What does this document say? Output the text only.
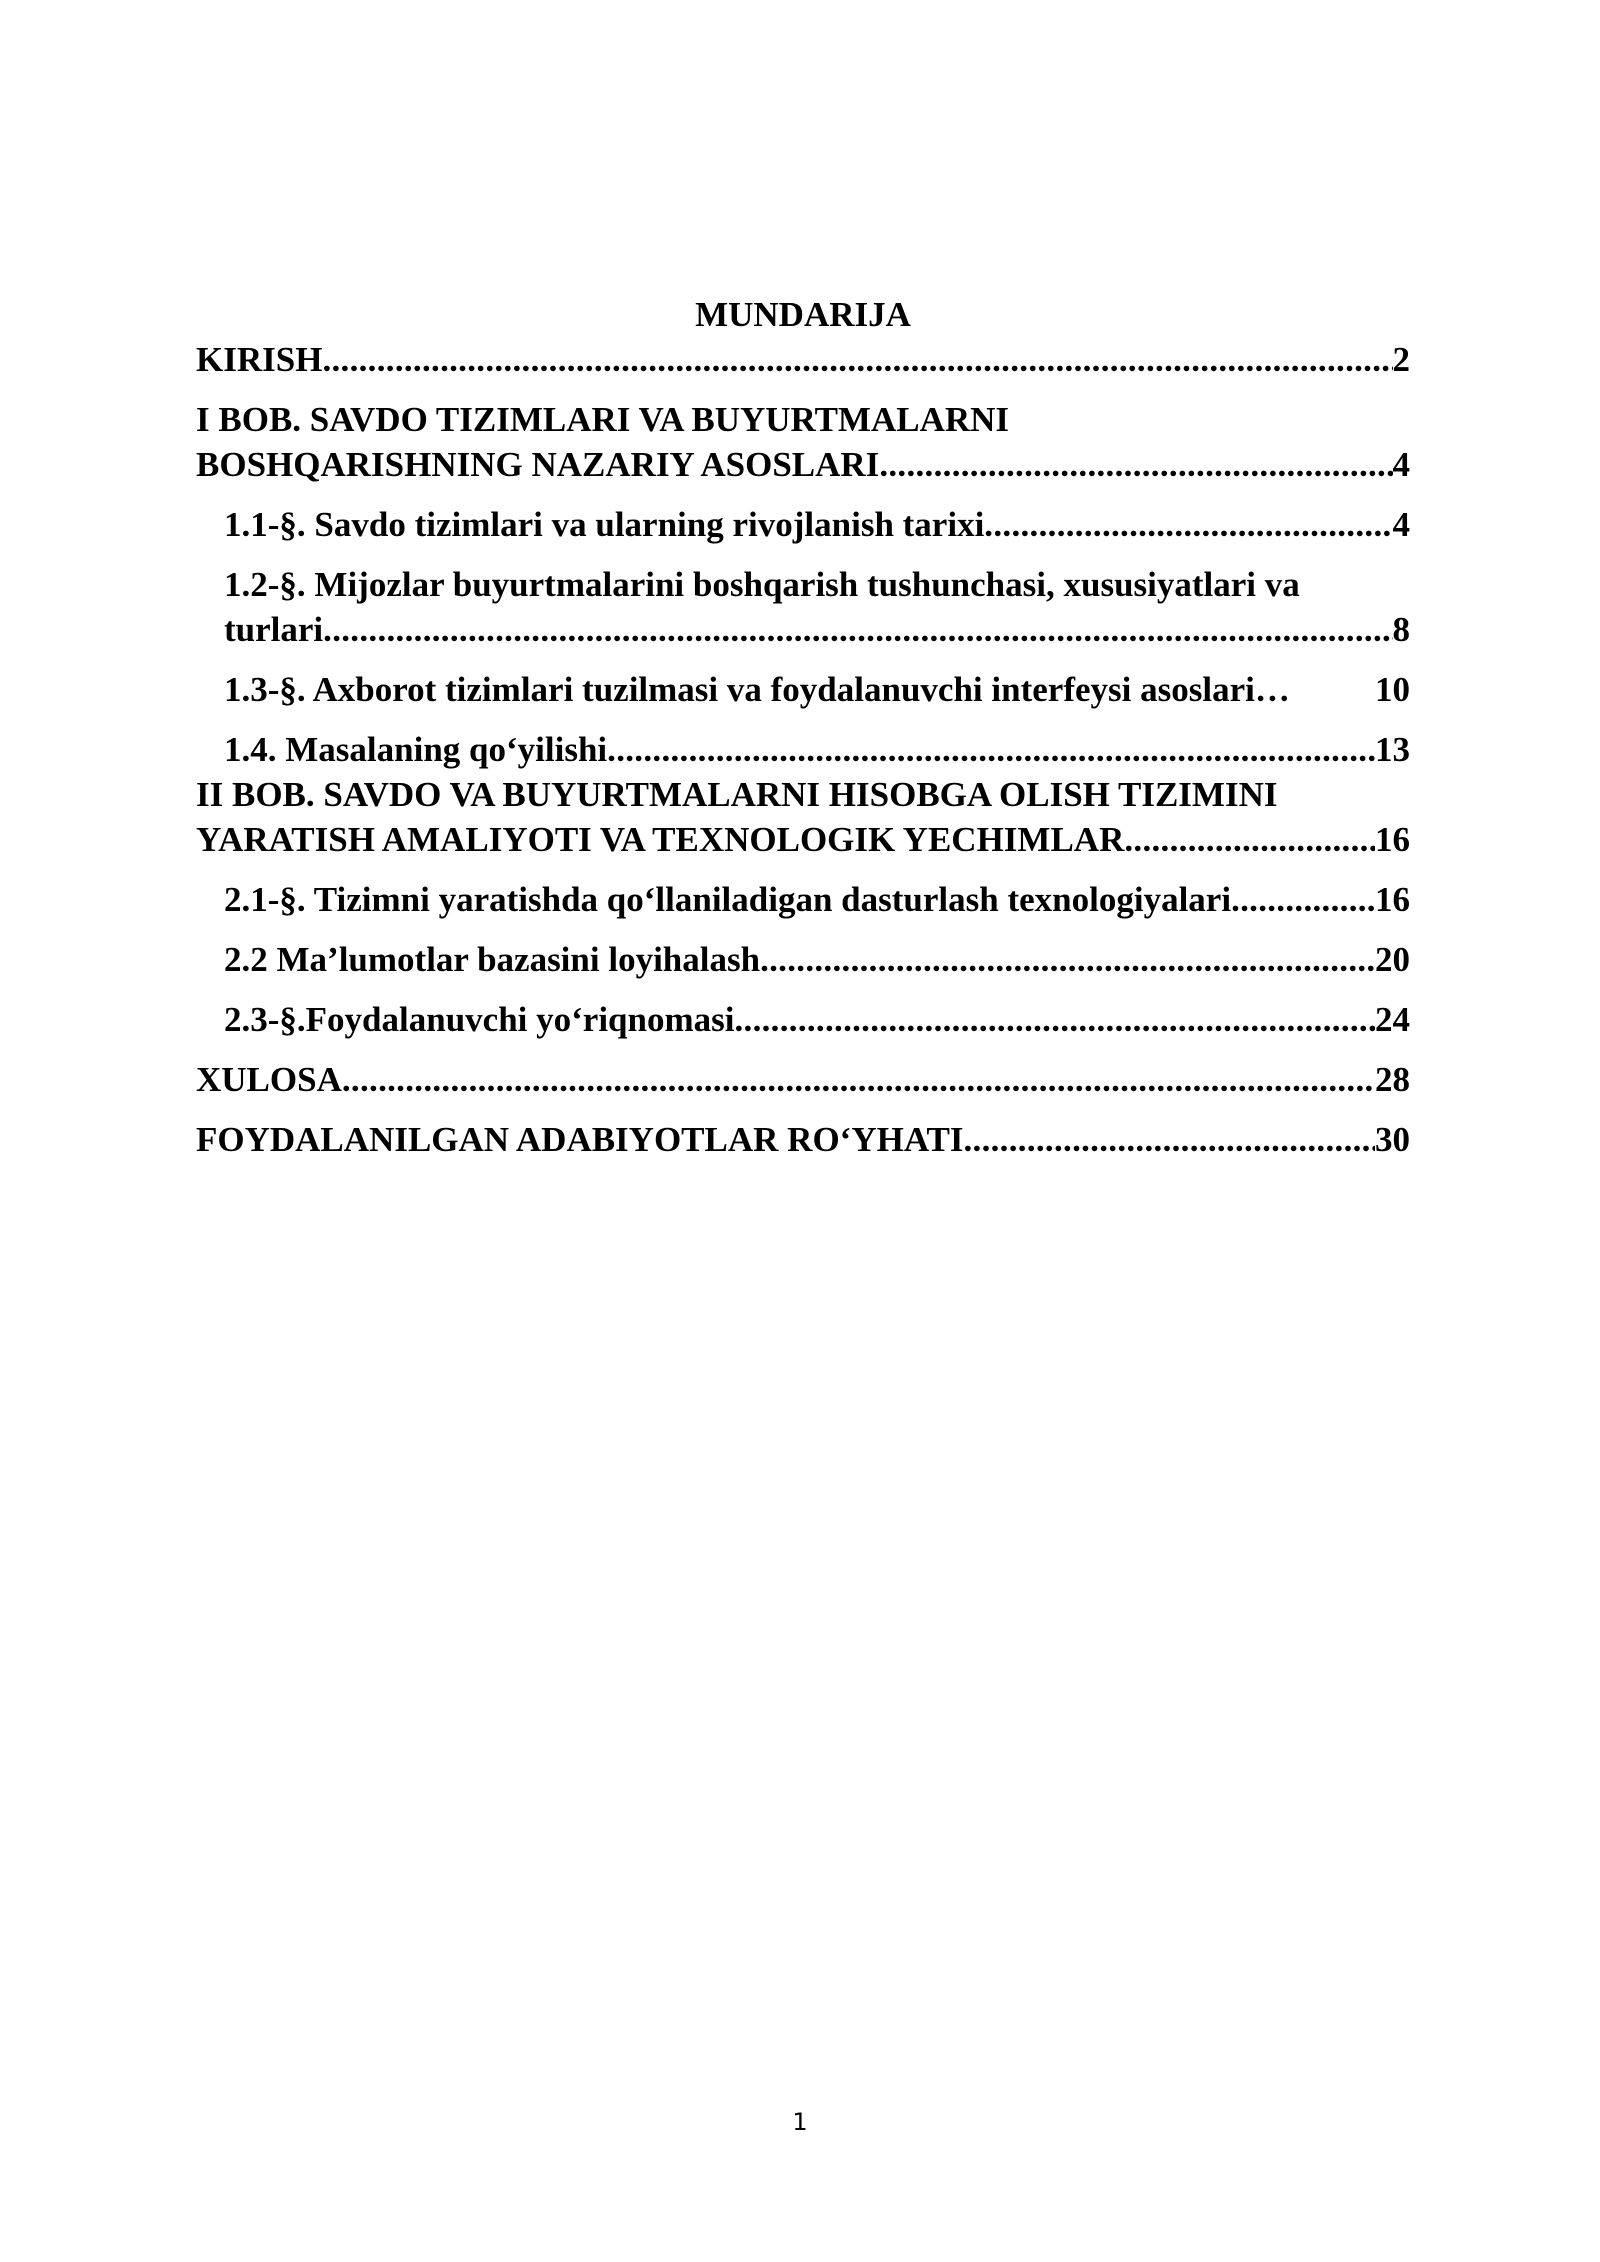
MUNDARIJA
KIRISH .....	2
I BOB. SAVDO TIZIMLARI VA BUYURTMALARNI
BOSHQARISHNING NAZARIY ASOSLARI .....	4
1.1-§. Savdo tizimlari va ularning rivojlanish tarixi .....	4
1.2-§. Mijozlar buyurtmalarini boshqarish tushunchasi, xususiyatlari va
turlari .....	8
1.3-§. Axborot tizimlari tuzilmasi va foydalanuvchi interfeysi asoslari… 10
1.4. Masalaning qo‘yilishi .....	13
II BOB. SAVDO VA BUYURTMALARNI HISOBGA OLISH TIZIMINI
YARATISH AMALIYOTI VA TEXNOLOGIK YECHIMLAR .....	16
2.1-§. Tizimni yaratishda qo‘llaniladigan dasturlash texnologiyalari .....	16
2.2 Ma’lumotlar bazasini loyihalash .....	20
2.3-§.Foydalanuvchi yo‘riqnomasi .....	24
XULOSA .....	28
FOYDALANILGAN ADABIYOTLAR RO‘YHATI .....	30
1
